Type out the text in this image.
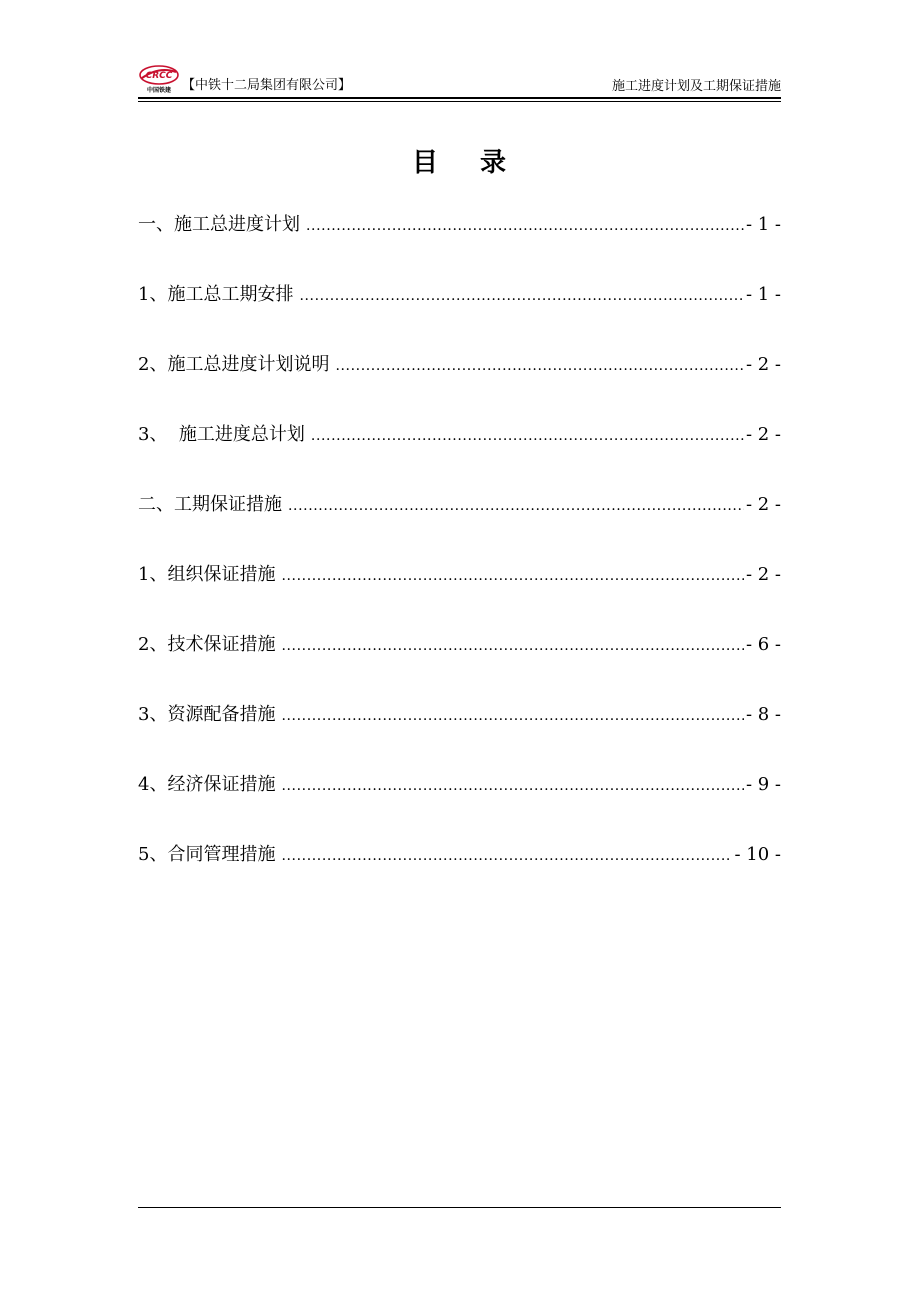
CRCC
中国铁建 【中铁十二局集团有限公司】	施工进度计划及工期保证措施
目 录
一、施工总进度计划 .....	- 1 -
1、施工总工期安排 .....	- 1 -
2、施工总进度计划说明 .....	- 2 -
3、  施工进度总计划 .....	- 2 -
二、工期保证措施 .....	- 2 -
1、组织保证措施 .....	- 2 -
2、技术保证措施 .....	- 6 -
3、资源配备措施 .....	- 8 -
4、经济保证措施 .....	- 9 -
5、合同管理措施 .....	- 10 -
